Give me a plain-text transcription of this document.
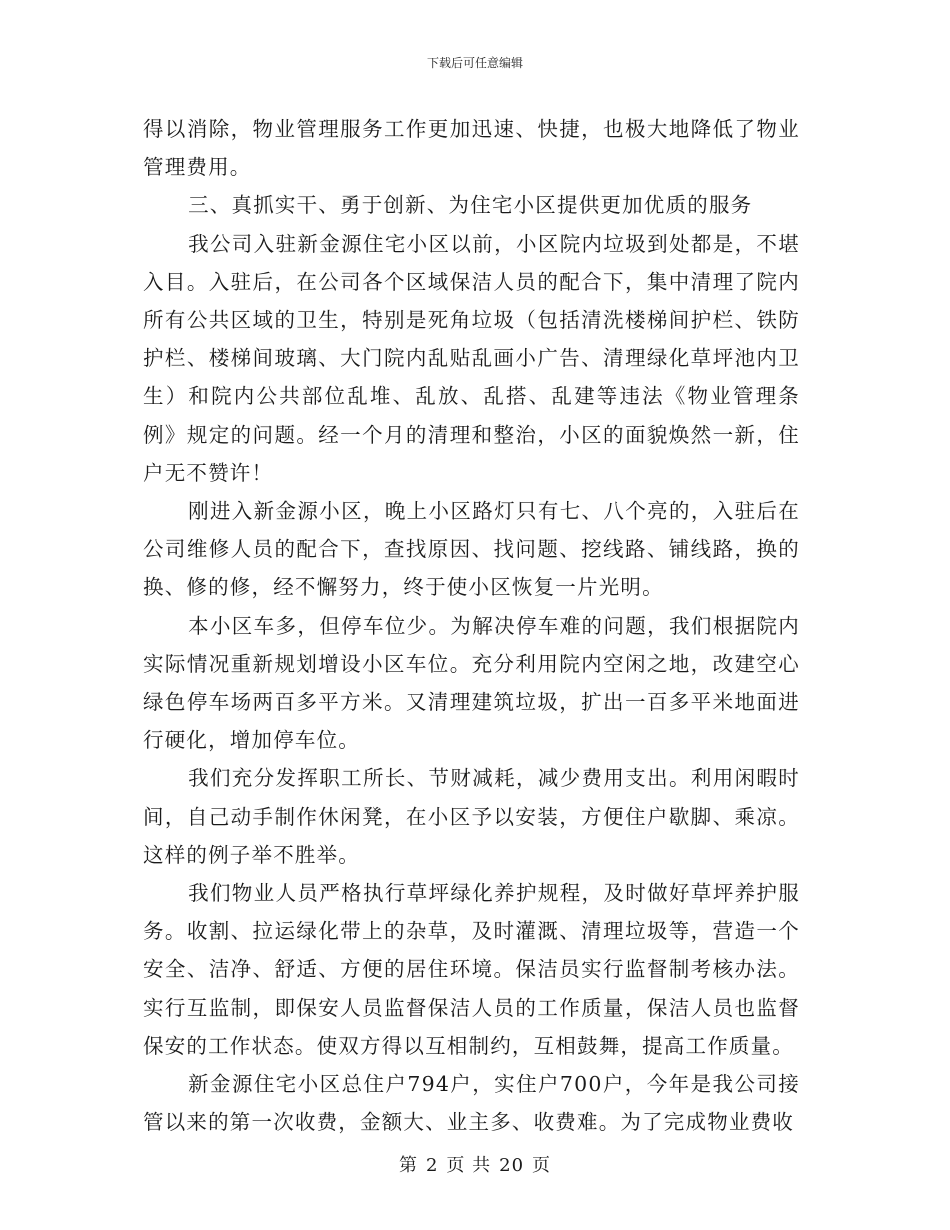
下载后可任意编辑

得以消除，物业管理服务工作更加迅速、快捷，也极大地降低了物业管理费用。

三、真抓实干、勇于创新、为住宅小区提供更加优质的服务

我公司入驻新金源住宅小区以前，小区院内垃圾到处都是，不堪入目。入驻后，在公司各个区域保洁人员的配合下，集中清理了院内所有公共区域的卫生，特别是死角垃圾（包括清洗楼梯间护栏、铁防护栏、楼梯间玻璃、大门院内乱贴乱画小广告、清理绿化草坪池内卫生）和院内公共部位乱堆、乱放、乱搭、乱建等违法《物业管理条例》规定的问题。经一个月的清理和整治，小区的面貌焕然一新，住户无不赞许！

刚进入新金源小区，晚上小区路灯只有七、八个亮的，入驻后在公司维修人员的配合下，查找原因、找问题、挖线路、铺线路，换的换、修的修，经不懈努力，终于使小区恢复一片光明。

本小区车多，但停车位少。为解决停车难的问题，我们根据院内实际情况重新规划增设小区车位。充分利用院内空闲之地，改建空心绿色停车场两百多平方米。又清理建筑垃圾，扩出一百多平米地面进行硬化，增加停车位。

我们充分发挥职工所长、节财减耗，减少费用支出。利用闲暇时间，自己动手制作休闲凳，在小区予以安装，方便住户歇脚、乘凉。这样的例子举不胜举。

我们物业人员严格执行草坪绿化养护规程，及时做好草坪养护服务。收割、拉运绿化带上的杂草，及时灌溉、清理垃圾等，营造一个安全、洁净、舒适、方便的居住环境。保洁员实行监督制考核办法。实行互监制，即保安人员监督保洁人员的工作质量，保洁人员也监督保安的工作状态。使双方得以互相制约，互相鼓舞，提高工作质量。

新金源住宅小区总住户794户，实住户700户，今年是我公司接管以来的第一次收费，金额大、业主多、收费难。为了完成物业费收

第 2 页 共 20 页
